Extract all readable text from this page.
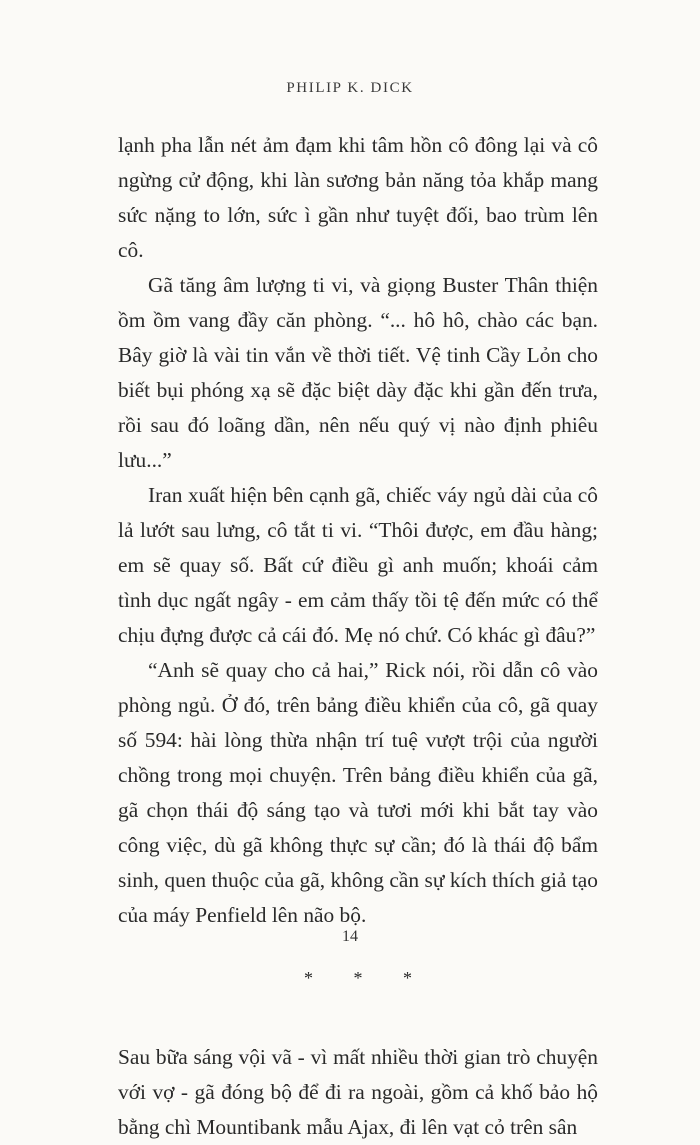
PHILIP K. DICK

lạnh pha lẫn nét ảm đạm khi tâm hồn cô đông lại và cô ngừng cử động, khi làn sương bản năng tỏa khắp mang sức nặng to lớn, sức ì gần như tuyệt đối, bao trùm lên cô.

Gã tăng âm lượng ti vi, và giọng Buster Thân thiện ồm ồm vang đầy căn phòng. “... hô hô, chào các bạn. Bây giờ là vài tin vắn về thời tiết. Vệ tinh Cầy Lỏn cho biết bụi phóng xạ sẽ đặc biệt dày đặc khi gần đến trưa, rồi sau đó loãng dần, nên nếu quý vị nào định phiêu lưu...”

Iran xuất hiện bên cạnh gã, chiếc váy ngủ dài của cô lả lướt sau lưng, cô tắt ti vi. “Thôi được, em đầu hàng; em sẽ quay số. Bất cứ điều gì anh muốn; khoái cảm tình dục ngất ngây - em cảm thấy tồi tệ đến mức có thể chịu đựng được cả cái đó. Mẹ nó chứ. Có khác gì đâu?”

“Anh sẽ quay cho cả hai,” Rick nói, rồi dẫn cô vào phòng ngủ. Ở đó, trên bảng điều khiển của cô, gã quay số 594: hài lòng thừa nhận trí tuệ vượt trội của người chồng trong mọi chuyện. Trên bảng điều khiển của gã, gã chọn thái độ sáng tạo và tươi mới khi bắt tay vào công việc, dù gã không thực sự cần; đó là thái độ bẩm sinh, quen thuộc của gã, không cần sự kích thích giả tạo của máy Penfield lên não bộ.

* * *

Sau bữa sáng vội vã - vì mất nhiều thời gian trò chuyện với vợ - gã đóng bộ để đi ra ngoài, gồm cả khố bảo hộ bằng chì Mountibank mẫu Ajax, đi lên vạt cỏ trên sân

14
